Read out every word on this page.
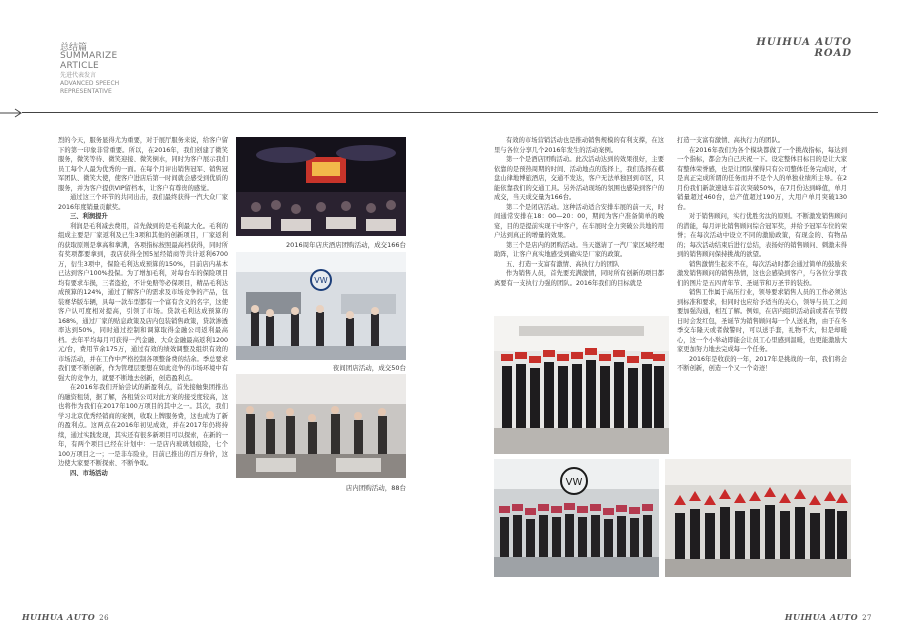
总结篇
SUMMARIZE
ARTICLE
先进代表发言
ADVANCED SPEECH
REPRESENTATIVE
HUIHUA AUTO
ROAD

烈的今天，服务显得尤为重要，对于展厅服务来说，给客户留下的第一印象非常重要。所以，在2016年，我们创建了微笑服务，微笑等待、微笑迎接、微笑倒水，同时为客户展示我们员工每个人最为优秀的一面。在每个月评出销售冠军、销售冠军团队、微笑大使，使客户进店后第一时间就会感受到优质的服务，并为客户提供VIP留档本，让客户有尊贵的感觉。

通过这三个环节的共同出击，我们最终获得一汽大众厂家2016年度销量贡献奖。

三、利润提升

利润是毛利减去费用，首先做到的是毛利最大化。毛利的组成主要是厂家返利及已生3项和其他的创新项目，厂家返利的获取原则是拿高和拿满，各项指标按照最高档获得，同时所有奖项都要拿到，我店获得全国5星经销商等共计返利6700万，衍生3项中，保险毛利达成预算的150%，目前店内基本已达到客户100%投保。为了增加毛利，对每台车的保险项目均有要求车损，三者盗抢，不计免赔等必保项目，精品毛利达成预算的124%，通过了解客户的需求及市场竞争的产品，包装赛华版车辆，具每一款车型都有一个富有含义的名字，这使客户认可度相对提高，引领了市场。贷款毛利达成预算的168%，通过厂家的贴息政策及店内包装销售政策，贷款渗透率达到50%，同时通过控制和调算取得金融公司返利最高档。去年平均每月可获得一汽金融、大众金融最高返利1200元/台，费用节余175万，通过有效的绩效调整及组织有效的市场活动，并在工作中严格控制各项整备费的结余。季总要求我们要不断创新，作为管理层要想在如此竞争的市场环境中有强大的竞争力，就要不断地去创新，创造盈利点。

在2016年我们开始尝试的新盈利点，首先接触集团推出的融资租赁，据了解，各租赁公司对此方案的接受度较高，这也将作为我们在2017年100万项目的其中之一。其次，我们学习北京优秀经销商的案例，收取上牌服务费，这也成为了新的盈利点。这两点在2016年初见成效，并在2017年仍将持续，通过实践发现，其实还有很多新项目可以探索，在新的一年，有两个项目已经在计划中：一是店内玻璃划痕险，七个100万项目之一；一是非车险业，目前已推出的百万身价，这边使大家要不断探索、不断争取。

四、市场活动
2016周年店庆酒店团购活动，成交166台
VW
夜间团店活动，成交50台
店内团购活动，88台

有效的市场营销活动也是推动销售规模的有利支撑，在这里与各位分享几个2016年发生的活动案例。

第一个是酒店团购活动。此次活动达到的效果很好，主要依靠的是预热周期的时间、活动地点的选择上，我们选择在棋盘山律地博旅酒店，交通不发达，客户无法单独回到市区，只能依靠我们的交通工具。另外活动现场的氛围也感染到客户的成交，当天成交量为166台。

第二个是闭店活动。这种活动适合安排车展的前一天，时间通常安排在18：00—20：00，期间为客户准备简单的晚宴，目的是提前实现干中客户，在车展时全力突破公共地的用户达到真正的增量的效果。

第三个是店内的团购活动。当天邀请了一汽厂家区域经理助阵，让客户真实地感受到确实是厂家的政策。

五、打造一支富有激情、高执行力的团队

作为销售人员，首先要充满激情，同时所有创新的项目都离要有一支执行力强的团队。2016年我们的目标就是

打造一支富有激情、高执行力的团队。

在2016年我们为各个模块都做了一个挑战指标，每达到一个指标，都会为自己庆祝一下。设定整体目标目的是让大家有整体荣誉感，也是让团队懂得只有公司整体任务完成时，才是真正完成所谓的任务而并不是个人的单独业绩所主导。在2月份我们新款速迪车首次突破50%，在7月份达到峰值，单月销量超过460台，总产值超过190万，大用户单月突破130台。

对于销售顾问，实行优胜劣汰的原则。不断激发销售顾问的潜能，每月评比销售顾问综合冠军奖，并给予冠军车位的荣誉；在每次活动中设立不同的激励政策，有现金的、有物品的；每次活动结束后进行总结，表扬好的销售顾问、刺激未得到的销售顾问保持挑战的欲望。

销售激情生起来不在，每次活动时都会通过简单的鼓励来激发销售顾问的销售热情，这也会感染到客户，与各位分享我们的图片是五四青年节、圣诞节和万圣节的装扮。

销售工作属于高压行业，领导要求销售人员的工作必须达到标准和要求，但同时也应给予适当的关心，领导与员工之间要加强沟通，相互了解。例如，在店内组织活动前或者在节假日时会发红包，圣诞节为销售顾问每一个人送礼物，由于在冬季交车隆天或者做警时，可以送手套，礼物不大，但是却暖心，这一个小举动即能会让员工心里感到温暖，也更能激励大家更加努力地去完成每一个任务。

2016年是收获的一年，2017年是挑战的一年，我们将会不断创新，创造一个又一个奇迹！

VW
HUIHUA AUTO 26	HUIHUA AUTO 27
